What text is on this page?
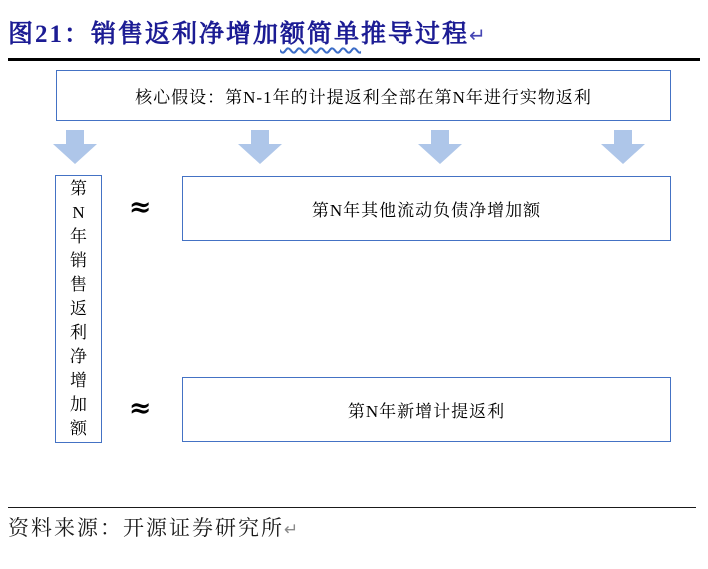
图21：销售返利净增加额简单推导过程↵
核心假设：第N-1年的计提返利全部在第N年进行实物返利
第N年销售返利净增加额
≈
≈
第N年其他流动负债净增加额
第N年新增计提返利
资料来源：开源证券研究所↵
